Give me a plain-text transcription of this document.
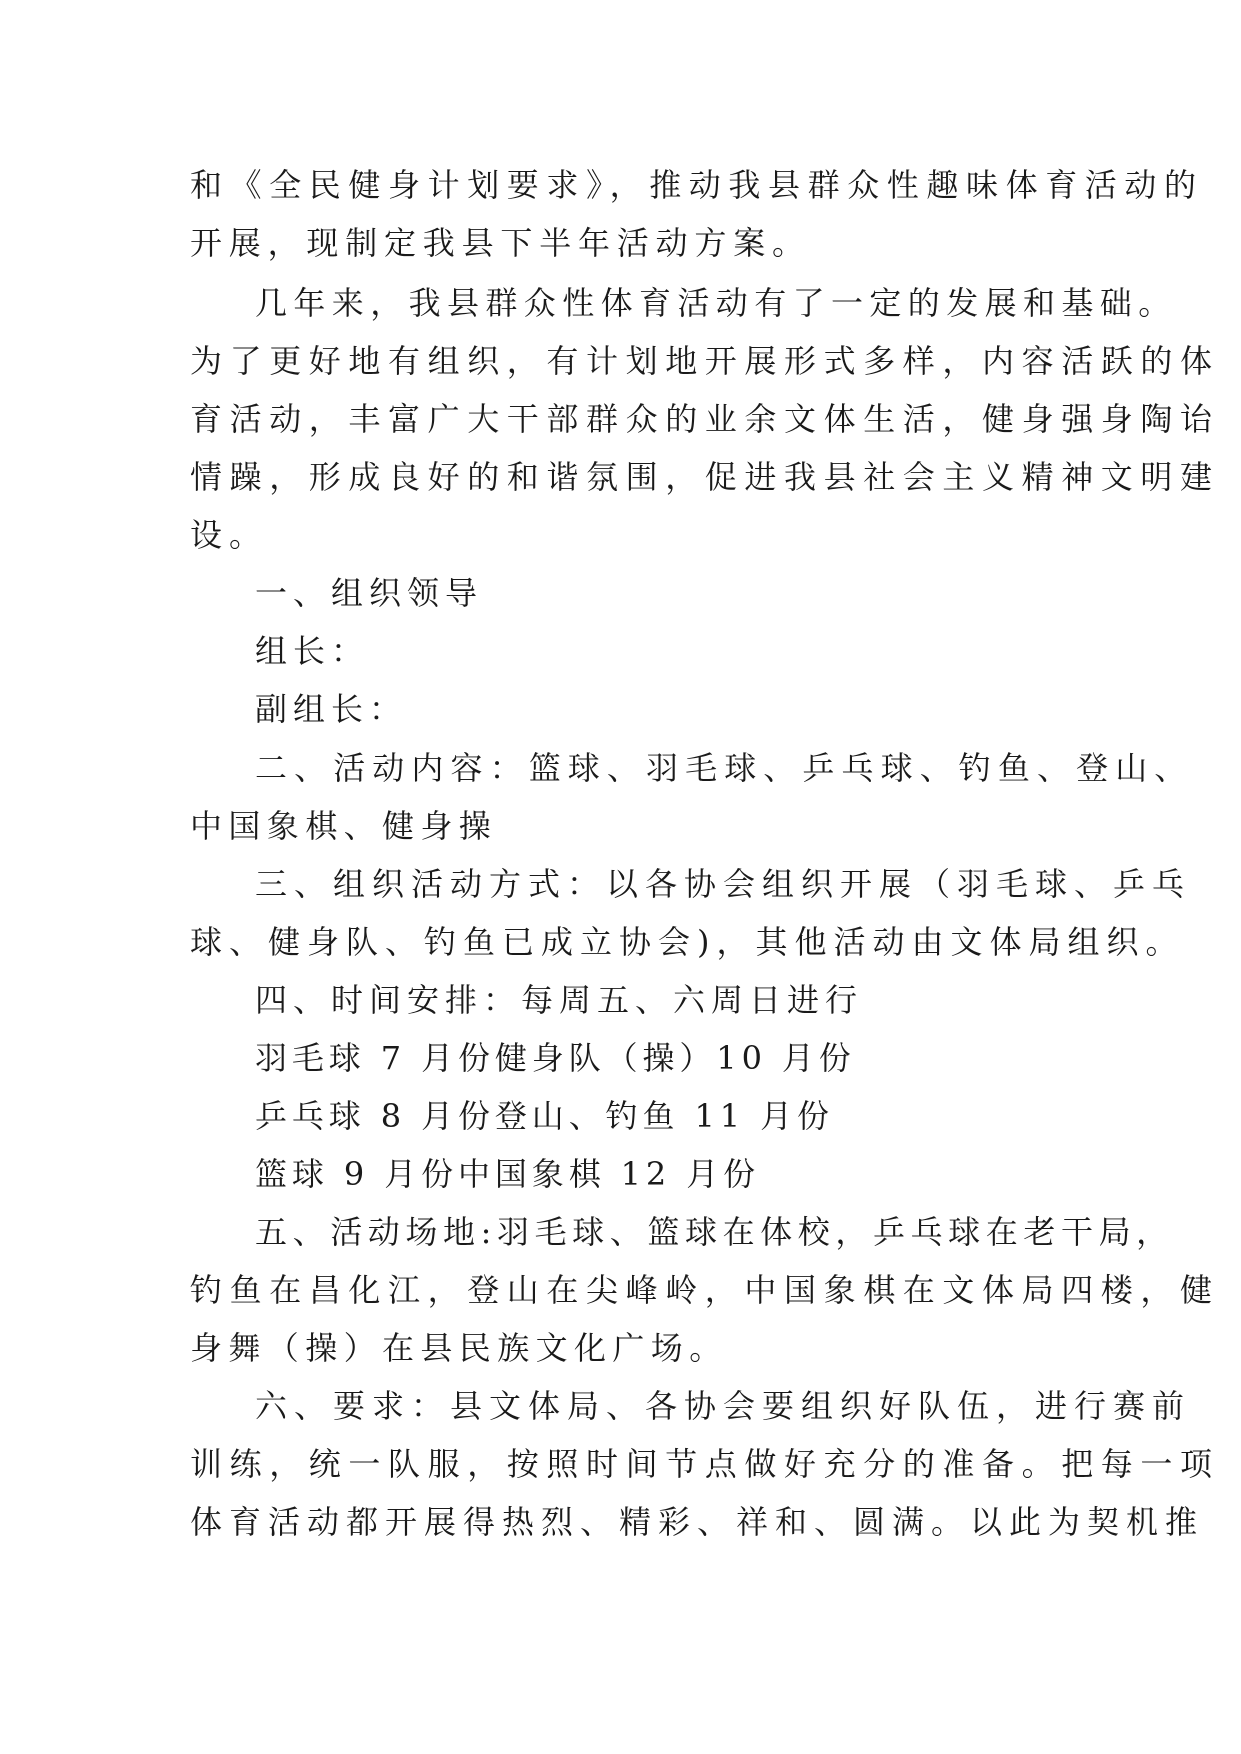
和《全民健身计划要求》，推动我县群众性趣味体育活动的
开展，现制定我县下半年活动方案。
几年来，我县群众性体育活动有了一定的发展和基础。
为了更好地有组织，有计划地开展形式多样，内容活跃的体
育活动，丰富广大干部群众的业余文体生活，健身强身陶诒
情躁，形成良好的和谐氛围，促进我县社会主义精神文明建
设。
一、组织领导
组长：
副组长：
二、活动内容：篮球、羽毛球、乒乓球、钓鱼、登山、
中国象棋、健身操
三、组织活动方式：以各协会组织开展（羽毛球、乒乓
球、健身队、钓鱼已成立协会)，其他活动由文体局组织。
四、时间安排：每周五、六周日进行
羽毛球 7 月份健身队（操）10 月份
乒乓球 8 月份登山、钓鱼 11 月份
篮球 9 月份中国象棋 12 月份
五、活动场地:羽毛球、篮球在体校，乒乓球在老干局，
钓鱼在昌化江，登山在尖峰岭，中国象棋在文体局四楼，健
身舞（操）在县民族文化广场。
六、要求：县文体局、各协会要组织好队伍，进行赛前
训练，统一队服，按照时间节点做好充分的准备。把每一项
体育活动都开展得热烈、精彩、祥和、圆满。以此为契机推
